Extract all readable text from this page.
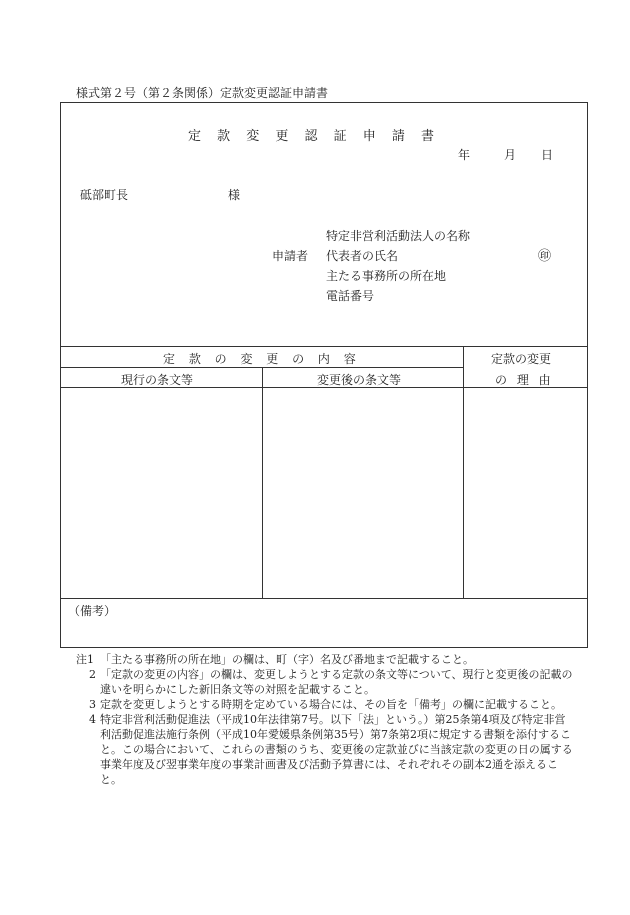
様式第２号（第２条関係）定款変更認証申請書
定 款 変 更 認 証 申 請 書
年	月 日
砥部町長	様
申請者
特定非営利活動法人の名称
代表者の氏名
主たる事務所の所在地
電話番号
㊞
定 款 の 変 更 の 内 容	定款の変更
の 理 由
現行の条文等	変更後の条文等
（備考）
注1 「主たる事務所の所在地」の欄は、町（字）名及び番地まで記載すること。
2 「定款の変更の内容」の欄は、変更しようとする定款の条文等について、現行と変更後の記載の違いを明らかにした新旧条文等の対照を記載すること。
3 定款を変更しようとする時期を定めている場合には、その旨を「備考」の欄に記載すること。
4 特定非営利活動促進法（平成10年法律第7号。以下「法」という。）第25条第4項及び特定非営利活動促進法施行条例（平成10年愛媛県条例第35号）第7条第2項に規定する書類を添付すること。この場合において、これらの書類のうち、変更後の定款並びに当該定款の変更の日の属する事業年度及び翌事業年度の事業計画書及び活動予算書には、それぞれその副本2通を添えること。
